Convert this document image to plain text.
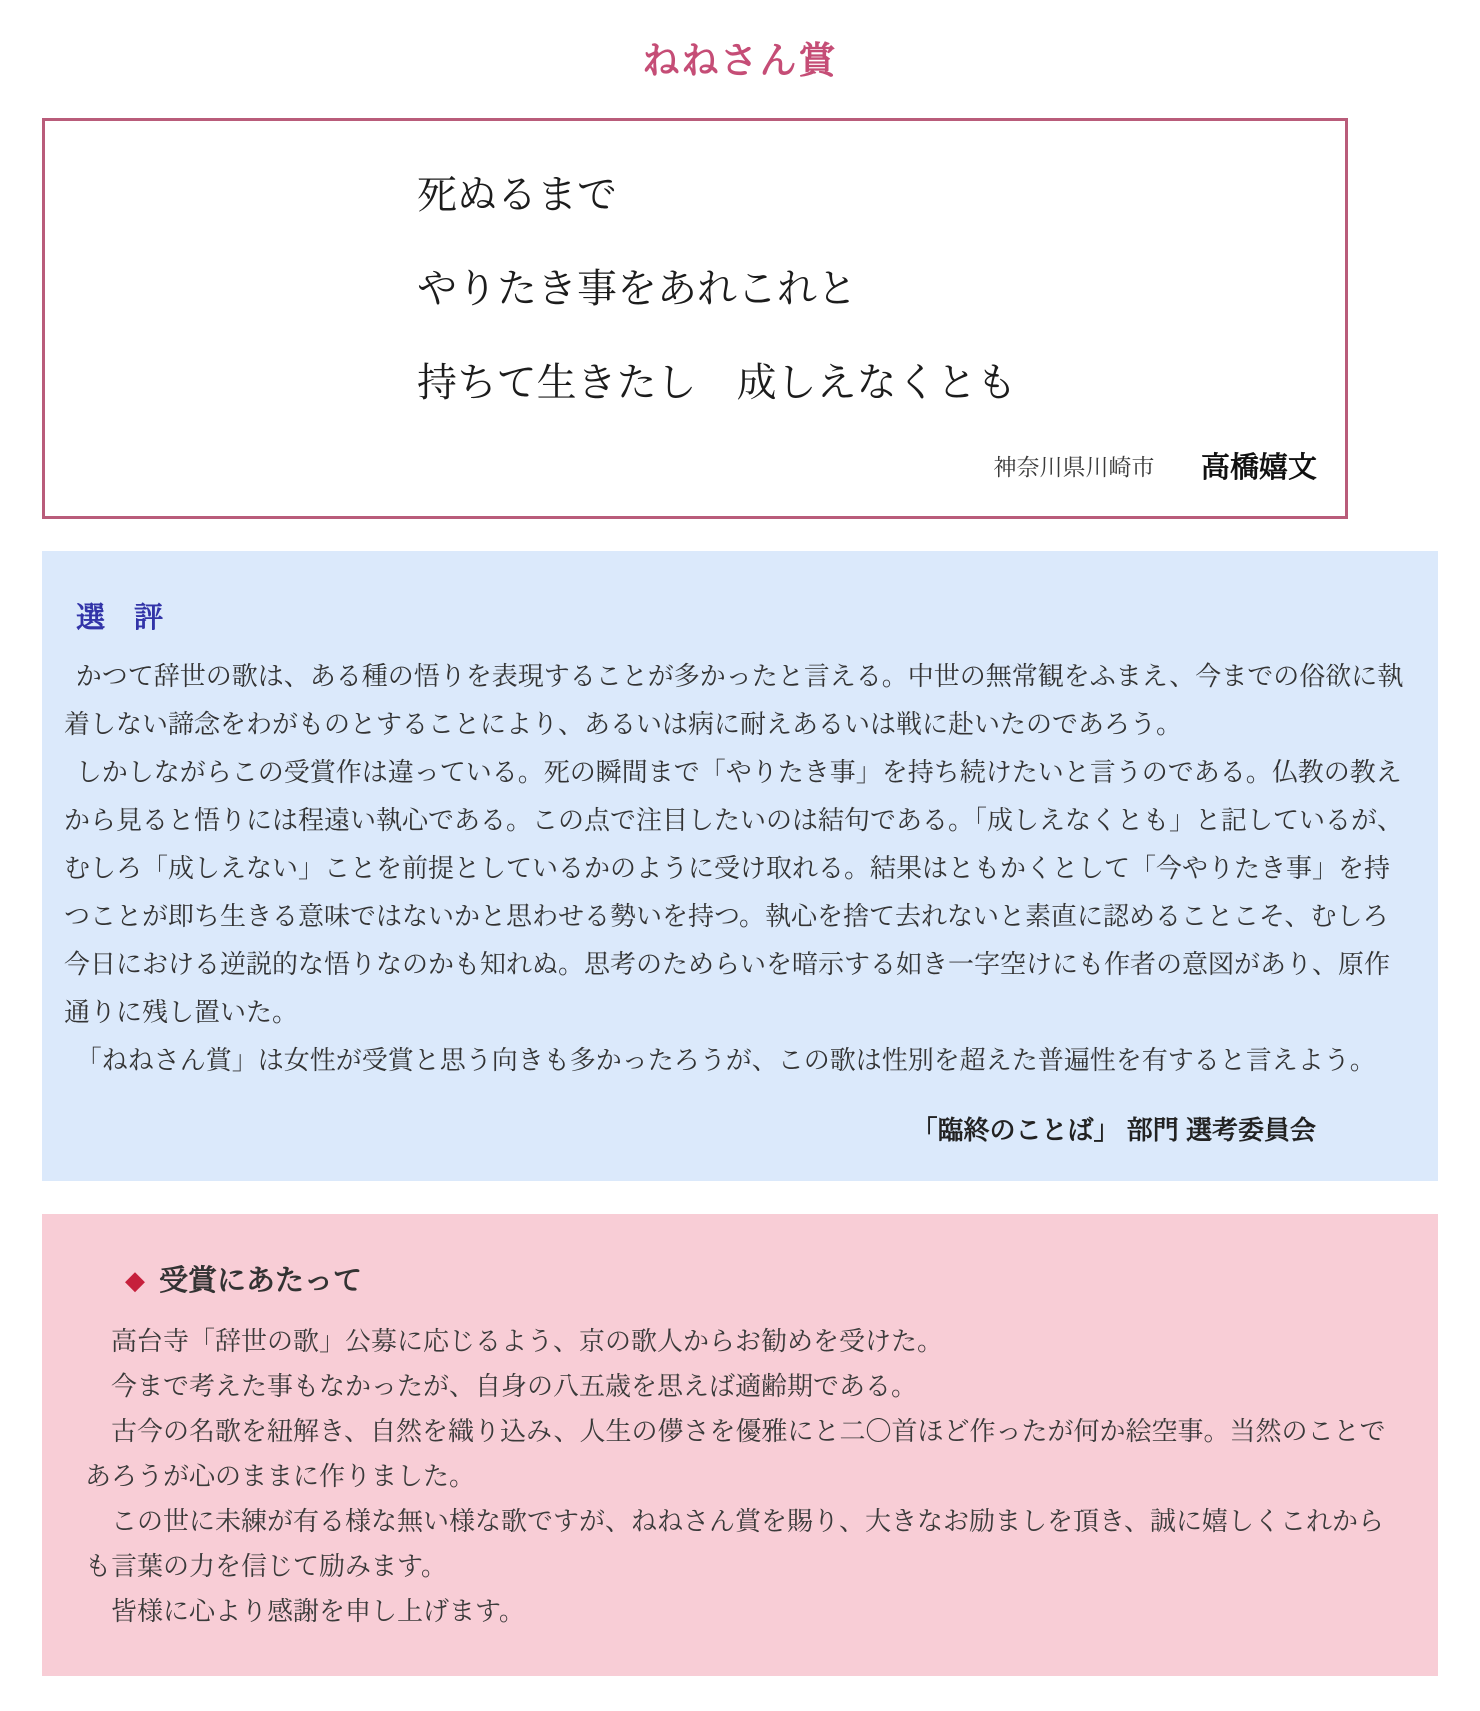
ねねさん賞

死ぬるまで

やりたき事をあれこれと

持ちて生きたし　成しえなくとも

神奈川県川崎市 高橋嬉文
選　評

かつて辞世の歌は、ある種の悟りを表現することが多かったと言える。中世の無常観をふまえ、今までの俗欲に執着しない諦念をわがものとすることにより、あるいは病に耐えあるいは戦に赴いたのであろう。

しかしながらこの受賞作は違っている。死の瞬間まで「やりたき事」を持ち続けたいと言うのである。仏教の教えから見ると悟りには程遠い執心である。この点で注目したいのは結句である。「成しえなくとも」と記しているが、むしろ「成しえない」ことを前提としているかのように受け取れる。結果はともかくとして「今やりたき事」を持つことが即ち生きる意味ではないかと思わせる勢いを持つ。執心を捨て去れないと素直に認めることこそ、むしろ今日における逆説的な悟りなのかも知れぬ。思考のためらいを暗示する如き一字空けにも作者の意図があり、原作通りに残し置いた。

「ねねさん賞」は女性が受賞と思う向きも多かったろうが、この歌は性別を超えた普遍性を有すると言えよう。

「臨終のことば」 部門 選考委員会

◆ 受賞にあたって

高台寺「辞世の歌」公募に応じるよう、京の歌人からお勧めを受けた。

今まで考えた事もなかったが、自身の八五歳を思えば適齢期である。

古今の名歌を紐解き、自然を織り込み、人生の儚さを優雅にと二〇首ほど作ったが何か絵空事。当然のことであろうが心のままに作りました。

この世に未練が有る様な無い様な歌ですが、ねねさん賞を賜り、大きなお励ましを頂き、誠に嬉しくこれからも言葉の力を信じて励みます。

皆様に心より感謝を申し上げます。
